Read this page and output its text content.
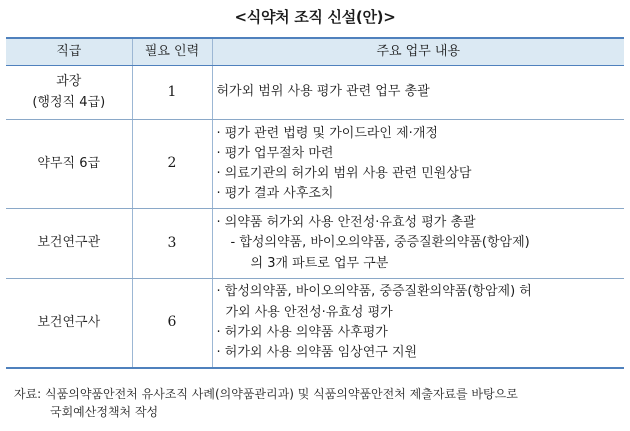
<식약처 조직 신설(안)>
직급	필요 인력	주요 업무 내용

과장
(행정직 4급)	1	허가외 범위 사용 평가 관련 업무 총괄

약무직 6급	2	· 평가 관련 법령 및 가이드라인 제·개정
· 평가 업무절차 마련
· 의료기관의 허가외 범위 사용 관련 민원상담
· 평가 결과 사후조치

보건연구관	3	· 의약품 허가외 사용 안전성·유효성 평가 총괄
- 합성의약품, 바이오의약품, 중증질환의약품(항암제)
의 3개 파트로 업무 구분

보건연구사	6	· 합성의약품, 바이오의약품, 중증질환의약품(항암제) 허
가외 사용 안전성·유효성 평가
· 허가외 사용 의약품 사후평가
· 허가외 사용 의약품 임상연구 지원
자료: 식품의약품안전처 유사조직 사례(의약품관리과) 및 식품의약품안전처 제출자료를 바탕으로
국회예산정책처 작성
